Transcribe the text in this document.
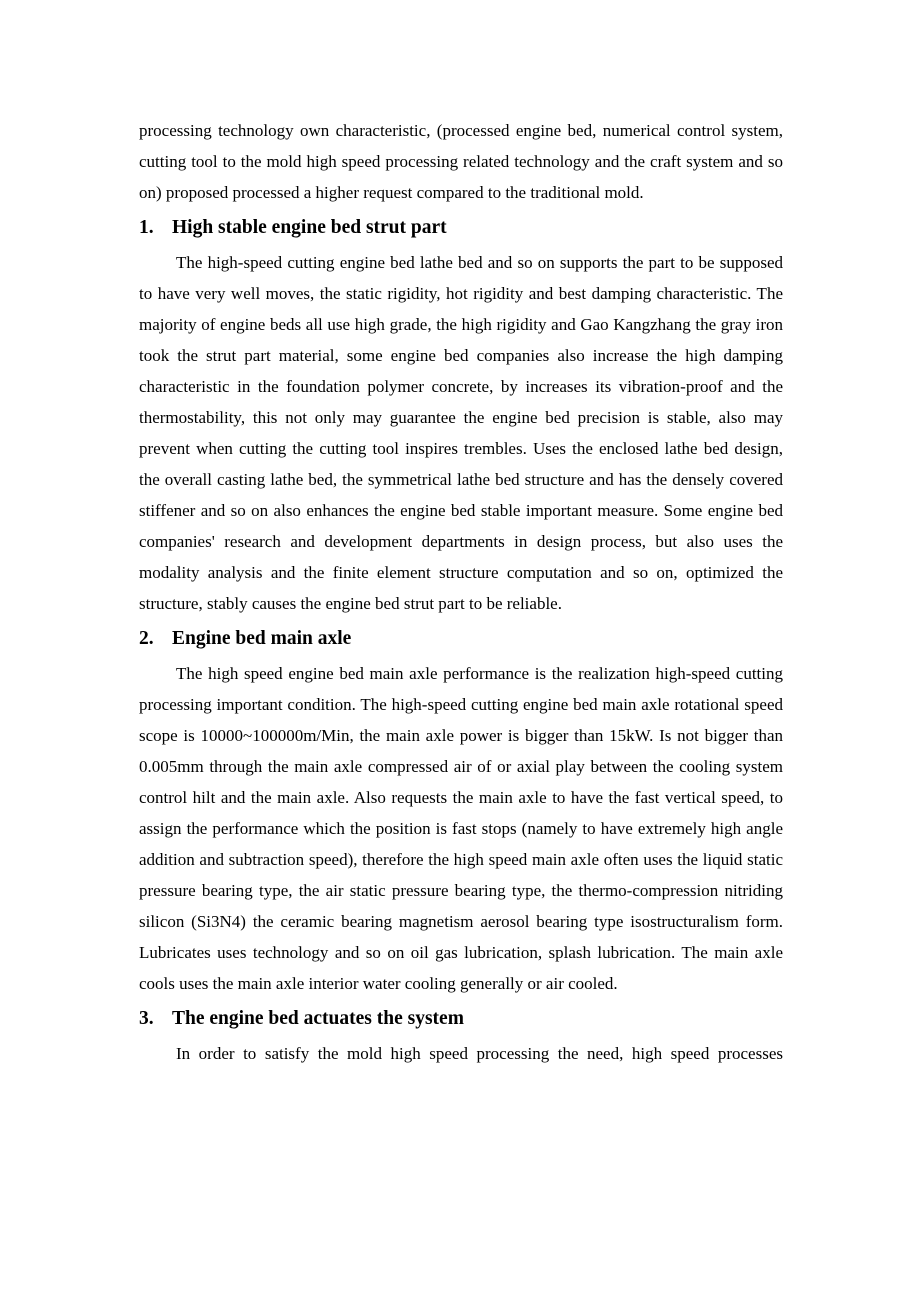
processing technology own characteristic, (processed engine bed, numerical control system, cutting tool to the mold high speed processing related technology and the craft system and so on) proposed processed a higher request compared to the traditional mold.

1. High stable engine bed strut part

The high-speed cutting engine bed lathe bed and so on supports the part to be supposed to have very well moves, the static rigidity, hot rigidity and best damping characteristic. The majority of engine beds all use high grade, the high rigidity and Gao Kangzhang the gray iron took the strut part material, some engine bed companies also increase the high damping characteristic in the foundation polymer concrete, by increases its vibration-proof and the thermostability, this not only may guarantee the engine bed precision is stable, also may prevent when cutting the cutting tool inspires trembles. Uses the enclosed lathe bed design, the overall casting lathe bed, the symmetrical lathe bed structure and has the densely covered stiffener and so on also enhances the engine bed stable important measure. Some engine bed companies' research and development departments in design process, but also uses the modality analysis and the finite element structure computation and so on, optimized the structure, stably causes the engine bed strut part to be reliable.

2. Engine bed main axle

The high speed engine bed main axle performance is the realization high-speed cutting processing important condition. The high-speed cutting engine bed main axle rotational speed scope is 10000~100000m/Min, the main axle power is bigger than 15kW. Is not bigger than 0.005mm through the main axle compressed air of or axial play between the cooling system control hilt and the main axle. Also requests the main axle to have the fast vertical speed, to assign the performance which the position is fast stops (namely to have extremely high angle addition and subtraction speed), therefore the high speed main axle often uses the liquid static pressure bearing type, the air static pressure bearing type, the thermo-compression nitriding silicon (Si3N4) the ceramic bearing magnetism aerosol bearing type isostructuralism form. Lubricates uses technology and so on oil gas lubrication, splash lubrication. The main axle cools uses the main axle interior water cooling generally or air cooled.

3. The engine bed actuates the system

In order to satisfy the mold high speed processing the need, high speed processes
